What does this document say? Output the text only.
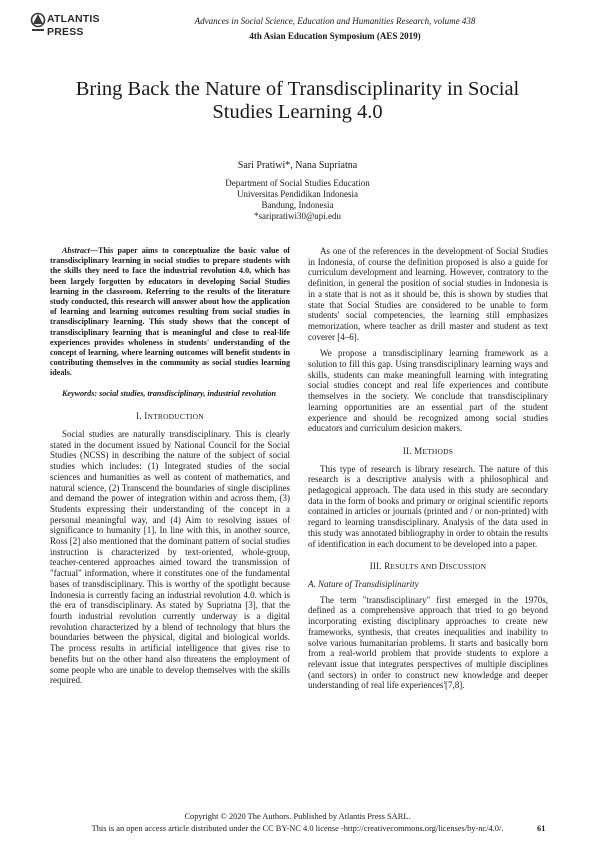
ATLANTIS
PRESS
Advances in Social Science, Education and Humanities Research, volume 438
4th Asian Education Symposium (AES 2019)
Bring Back the Nature of Transdisciplinarity in Social
Studies Learning 4.0
Sari Pratiwi*, Nana Supriatna
Department of Social Studies Education
Universitas Pendidikan Indonesia
Bandung, Indonesia
*saripratiwi30@upi.edu

Abstract—This paper aims to conceptualize the basic value of transdisciplinary learning in social studies to prepare students with the skills they need to face the industrial revolution 4.0, which has been largely forgotten by educators in developing Social Studies learning in the classroom. Referring to the results of the literature study conducted, this research will answer about how the application of learning and learning outcomes resulting from social studies in transdisciplinary learning. This study shows that the concept of transdisciplinary learning that is meaningful and close to real-life experiences provides wholeness in students' understanding of the concept of learning, where learning outcomes will benefit students in contributing themselves in the community as social studies learning ideals.

Keywords: social studies, transdisciplinary, industrial revolution

I. INTRODUCTION

Social studies are naturally transdisciplinary. This is clearly stated in the document issued by National Council for the Social Studies (NCSS) in describing the nature of the subject of social studies which includes: (1) Integrated studies of the social sciences and humanities as well as content of mathematics, and natural science, (2) Transcend the boundaries of single disciplines and demand the power of integration within and across them, (3) Students expressing their understanding of the concept in a personal meaningful way, and (4) Aim to resolving issues of significance to humanity [1]. In line with this, in another source, Ross [2] also mentioned that the dominant pattern of social studies instruction is characterized by text-oriented, whole-group, teacher-centered approaches aimed toward the transmission of "factual" information, where it constitutes one of the fundamental bases of transdisciplinary. This is worthy of the spotlight because Indonesia is currently facing an industrial revolution 4.0. which is the era of transdisciplinary. As stated by Supriatna [3], that the fourth industrial revolution currently underway is a digital revolution characterized by a blend of technology that blurs the boundaries between the physical, digital and biological worlds. The process results in artificial intelligence that gives rise to benefits but on the other hand also threatens the employment of some people who are unable to develop themselves with the skills required.

As one of the references in the development of Social Studies in Indonesia, of course the definition proposed is also a guide for curriculum development and learning. However, contratory to the definition, in general the position of social studies in Indonesia is in a state that is not as it should be, this is shown by studies that state that Social Studies are considered to be unable to form students' social competencies, the learning still emphasizes memorization, where teacher as drill master and student as text coverer [4–6].

We propose a transdisciplinary learning framework as a solution to fill this gap. Using transdisciplinary learning ways and skills, students can make meaningfull learning with integrating social studies concept and real life experiences and contibute themselves in the society. We conclude that transdisciplinary learning opportunities are an essential part of the student experience and should be recognized among social studies educators and curriculum desicion makers.

II. METHODS

This type of research is library research. The nature of this research is a descriptive analysis with a philosophical and pedagogical approach. The data used in this study are secondary data in the form of books and primary or original scientific reports contained in articles or journals (printed and / or non-printed) with regard to learning transdisciplinary. Analysis of the data used in this study was annotated bibliography in order to obtain the results of identification in each document to be developed into a paper.

III. RESULTS AND DISCUSSION
A. Nature of Transdisiplinarity

The term "transdisciplinary" first emerged in the 1970s, defined as a comprehensive approach that tried to go beyond incorporating existing disciplinary approaches to create new frameworks, synthesis, that creates inequalities and inability to solve various humanitarian problems. It starts and basically born from a real-world problem that provide students to explore a relevant issue that integrates perspectives of multiple disciplines (and sectors) in order to construct new knowledge and deeper understanding of real life experiences'[7,8].

Copyright © 2020 The Authors. Published by Atlantis Press SARL.
This is an open access article distributed under the CC BY-NC 4.0 license -http://creativecommons.org/licenses/by-nc/4.0/.	61
